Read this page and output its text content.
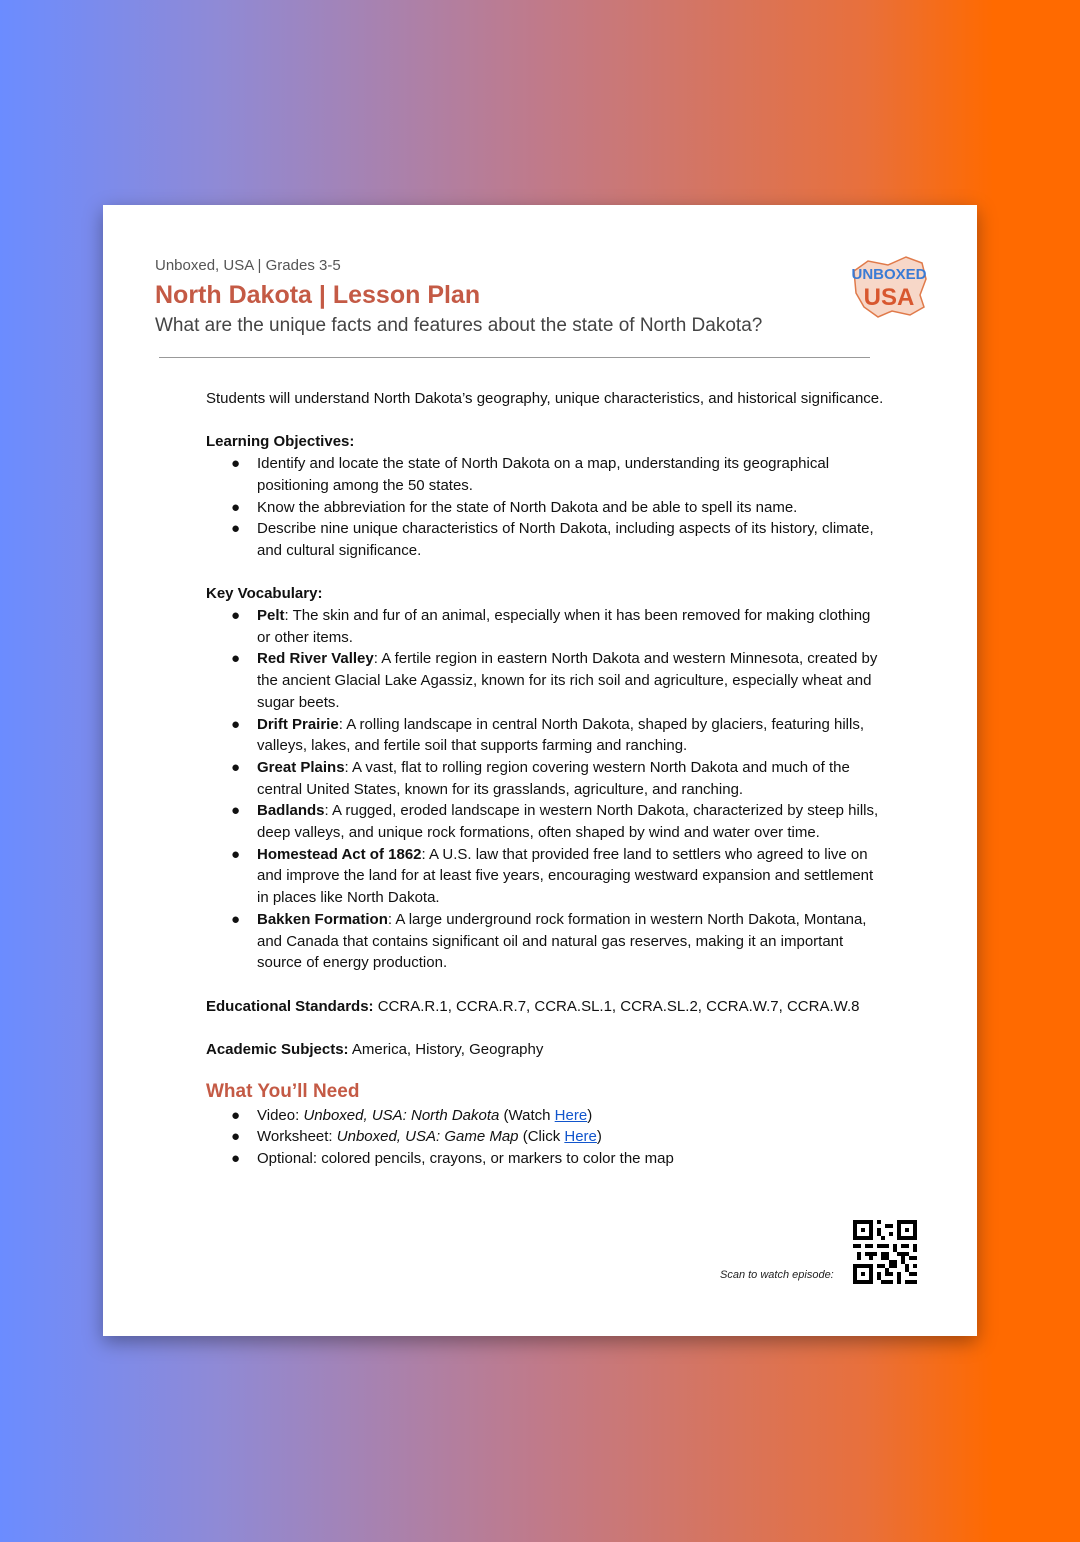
Unboxed, USA | Grades 3-5

North Dakota | Lesson Plan

What are the unique facts and features about the state of North Dakota?

UNBOXED
USA

Students will understand North Dakota’s geography, unique characteristics, and historical significance.

Learning Objectives:

● Identify and locate the state of North Dakota on a map, understanding its geographical positioning among the 50 states.
● Know the abbreviation for the state of North Dakota and be able to spell its name.
● Describe nine unique characteristics of North Dakota, including aspects of its history, climate, and cultural significance.

Key Vocabulary:

● Pelt: The skin and fur of an animal, especially when it has been removed for making clothing or other items.
● Red River Valley: A fertile region in eastern North Dakota and western Minnesota, created by the ancient Glacial Lake Agassiz, known for its rich soil and agriculture, especially wheat and sugar beets.
● Drift Prairie: A rolling landscape in central North Dakota, shaped by glaciers, featuring hills, valleys, lakes, and fertile soil that supports farming and ranching.
● Great Plains: A vast, flat to rolling region covering western North Dakota and much of the central United States, known for its grasslands, agriculture, and ranching.
● Badlands: A rugged, eroded landscape in western North Dakota, characterized by steep hills, deep valleys, and unique rock formations, often shaped by wind and water over time.
● Homestead Act of 1862: A U.S. law that provided free land to settlers who agreed to live on and improve the land for at least five years, encouraging westward expansion and settlement in places like North Dakota.
● Bakken Formation: A large underground rock formation in western North Dakota, Montana, and Canada that contains significant oil and natural gas reserves, making it an important source of energy production.

Educational Standards: CCRA.R.1, CCRA.R.7, CCRA.SL.1, CCRA.SL.2, CCRA.W.7, CCRA.W.8

Academic Subjects: America, History, Geography

What You’ll Need

● Video: Unboxed, USA: North Dakota (Watch Here)
● Worksheet: Unboxed, USA: Game Map (Click Here)
● Optional: colored pencils, crayons, or markers to color the map
Scan to watch episode:
